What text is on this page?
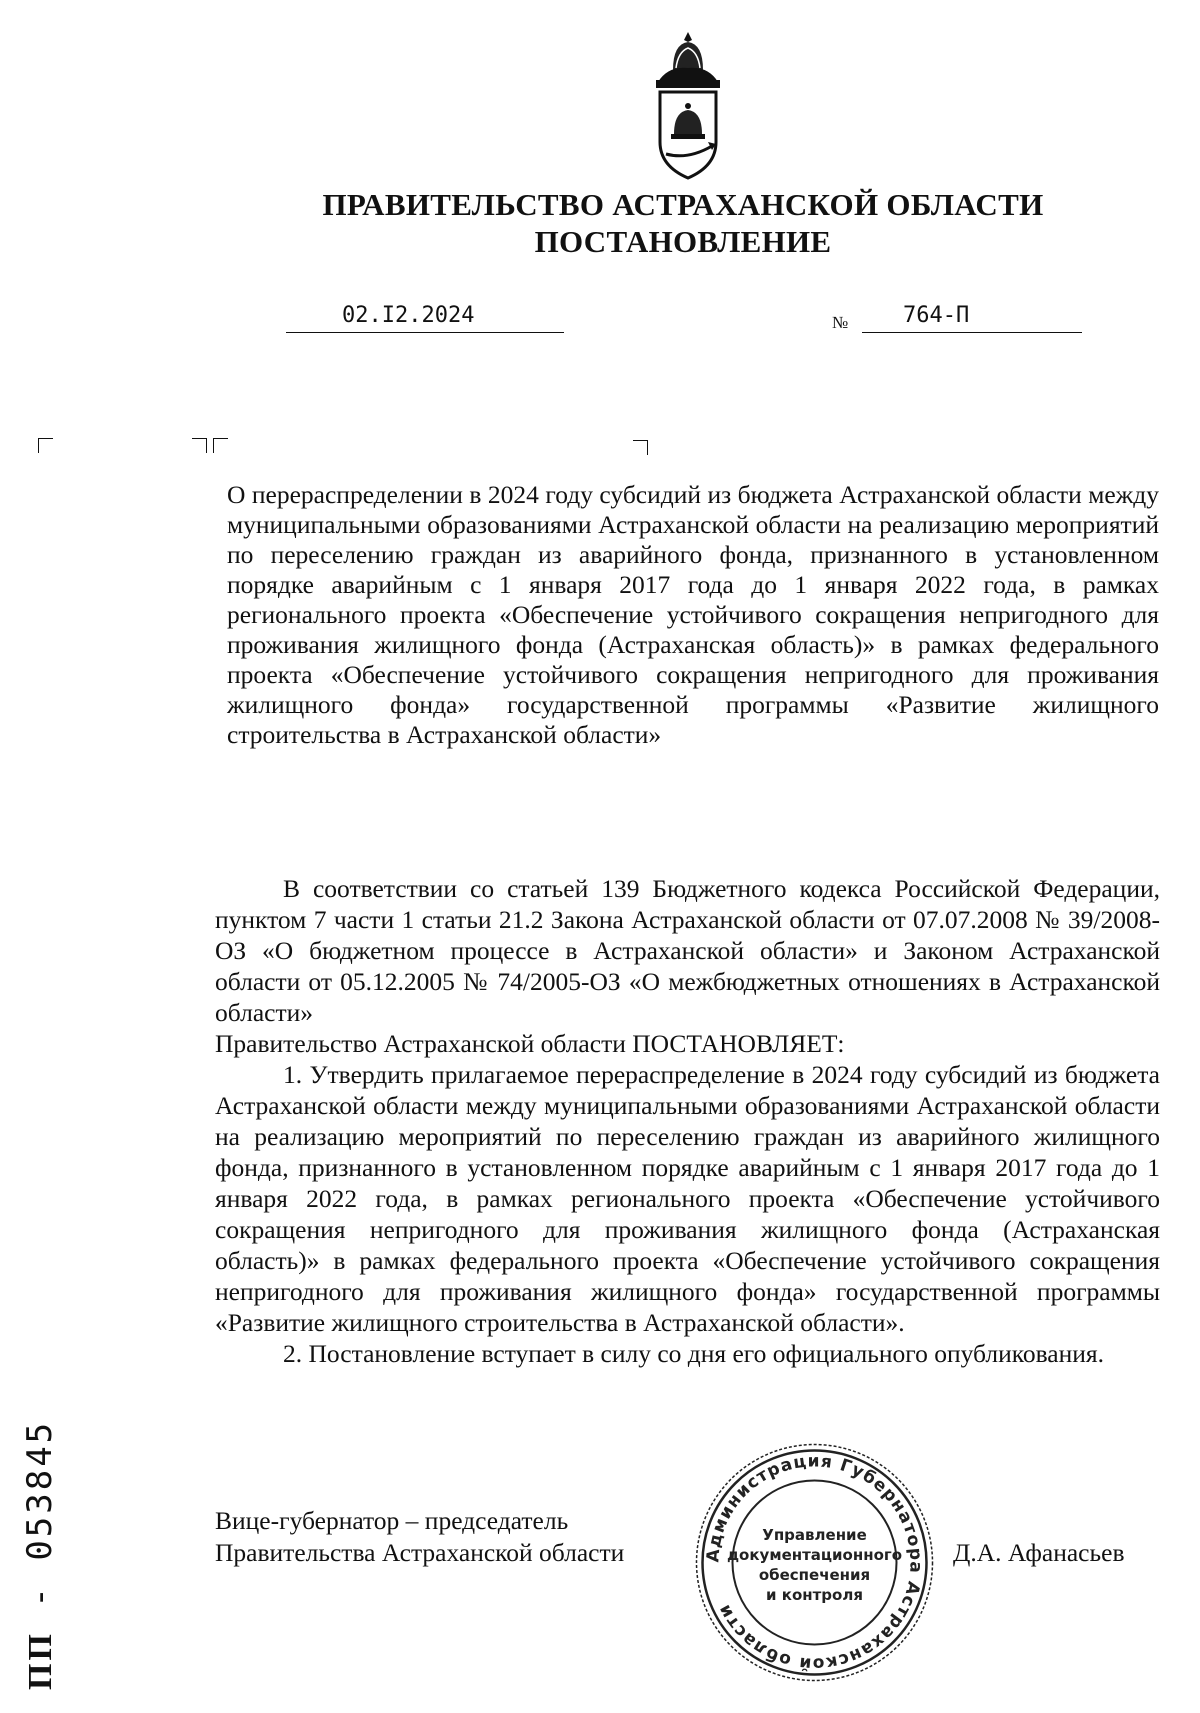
ПРАВИТЕЛЬСТВО АСТРАХАНСКОЙ ОБЛАСТИ
ПОСТАНОВЛЕНИЕ
02.I2.2024	№ 764-П
О перераспределении в 2024 году субсидий из бюджета Астраханской области между муниципальными образованиями Астраханской области на реализацию мероприятий по переселению граждан из аварийного фонда, признанного в установленном порядке аварийным с 1 января 2017 года до 1 января 2022 года, в рамках регионального проекта «Обеспечение устойчивого сокращения непригодного для проживания жилищного фонда (Астраханская область)» в рамках федерального проекта «Обеспечение устойчивого сокращения непригодного для проживания жилищного фонда» государственной программы «Развитие жилищного строительства в Астраханской области»

В соответствии со статьей 139 Бюджетного кодекса Российской Федерации, пунктом 7 части 1 статьи 21.2 Закона Астраханской области от 07.07.2008 № 39/2008-ОЗ «О бюджетном процессе в Астраханской области» и Законом Астраханской области от 05.12.2005 № 74/2005-ОЗ «О межбюджетных отношениях в Астраханской области»

Правительство Астраханской области ПОСТАНОВЛЯЕТ:

1. Утвердить прилагаемое перераспределение в 2024 году субсидий из бюджета Астраханской области между муниципальными образованиями Астраханской области на реализацию мероприятий по переселению граждан из аварийного жилищного фонда, признанного в установленном порядке аварийным с 1 января 2017 года до 1 января 2022 года, в рамках регионального проекта «Обеспечение устойчивого сокращения непригодного для проживания жилищного фонда (Астраханская область)» в рамках федерального проекта «Обеспечение устойчивого сокращения непригодного для проживания жилищного фонда» государственной программы «Развитие жилищного строительства в Астраханской области».

2. Постановление вступает в силу со дня его официального опубликования.

Вице-губернатор – председатель
Правительства Астраханской области	Д.А. Афанасьев
Администрация Губернатора Астраханской области
Управление
документационного
обеспечения
и контроля
ПП - 053845
